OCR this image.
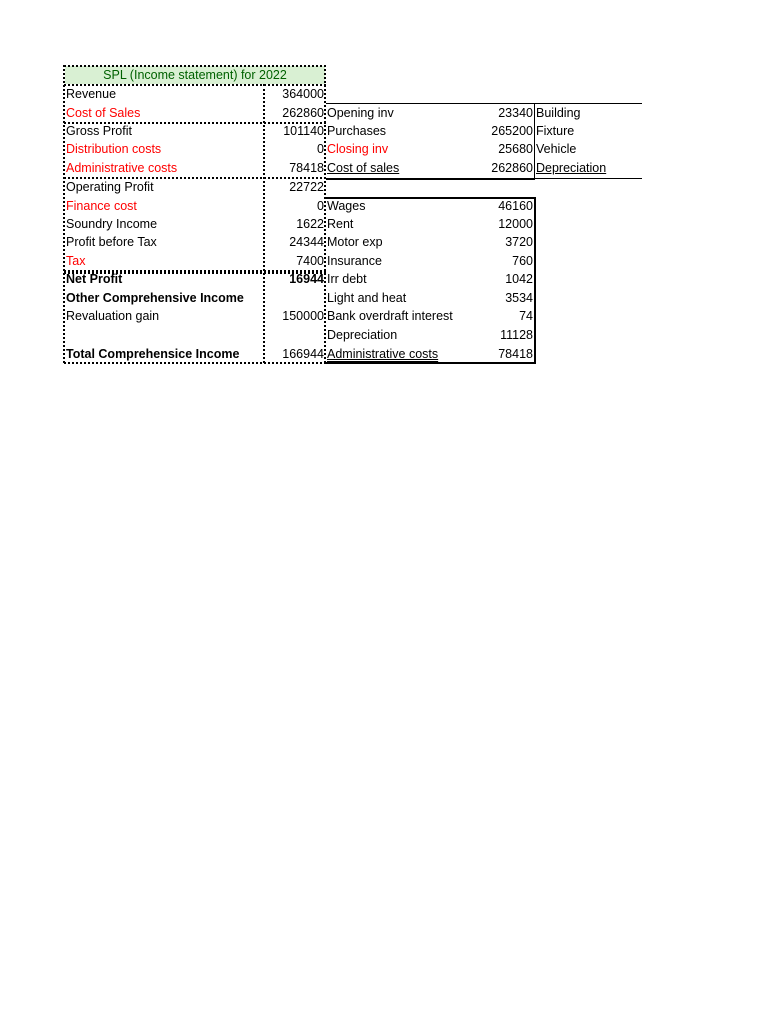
SPL (Income statement) for 2022
Revenue
Cost of Sales
Gross Profit
Distribution costs
Administrative costs
Operating Profit
Finance cost
Soundry Income
Profit before Tax
Tax
Net Profit
Other Comprehensive Income
Revaluation gain
Total Comprehensice Income
364000
262860
101140
0
78418
22722
0
1622
24344
7400
16944
150000
166944
Opening inv
Purchases
Closing inv
Cost of sales
23340
265200
25680
262860
Building
Fixture
Vehicle
Depreciation
Wages
Rent
Motor exp
Insurance
Irr debt
Light and heat
Bank overdraft interest
Depreciation
Administrative costs
46160
12000
3720
760
1042
3534
74
11128
78418
